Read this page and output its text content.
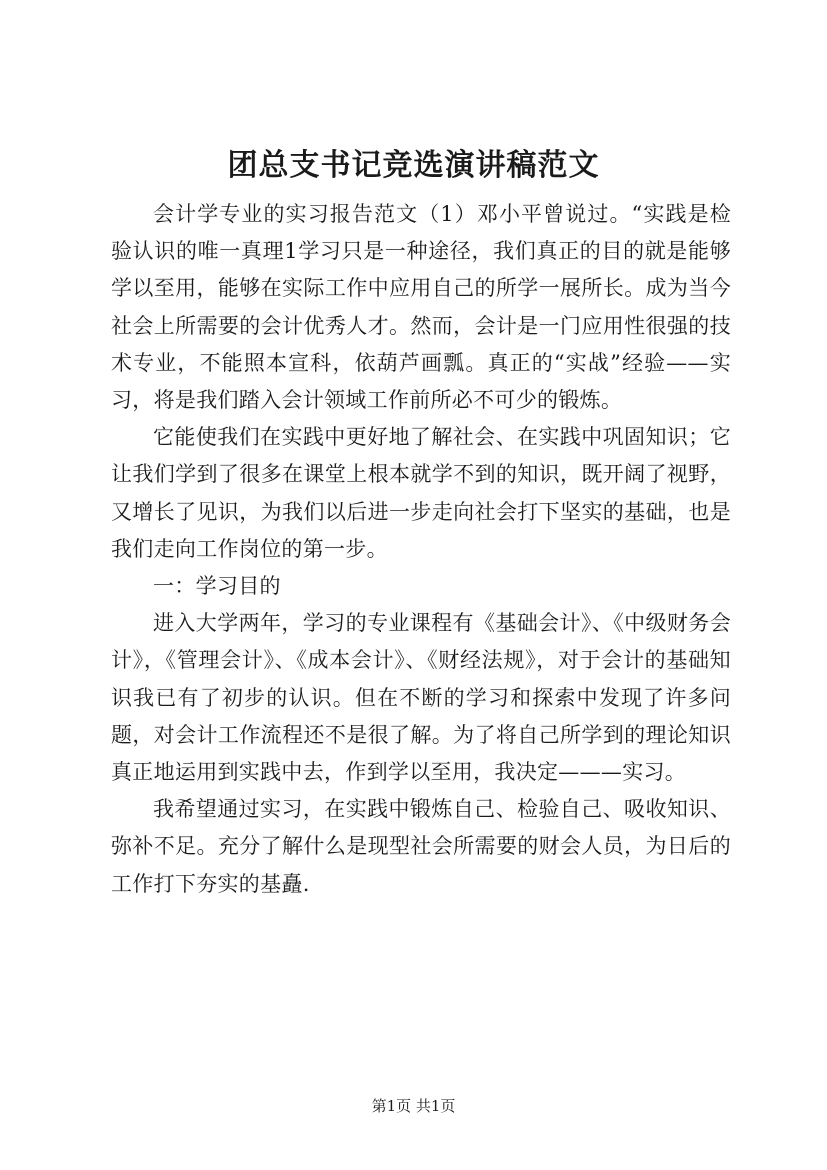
团总支书记竞选演讲稿范文

会计学专业的实习报告范文（1）邓小平曾说过。“实践是检验认识的唯一真理1学习只是一种途径，我们真正的目的就是能够学以至用，能够在实际工作中应用自己的所学一展所长。成为当今社会上所需要的会计优秀人才。然而，会计是一门应用性很强的技术专业，不能照本宣科，依葫芦画瓢。真正的“实战”经验——实习，将是我们踏入会计领域工作前所必不可少的锻炼。

它能使我们在实践中更好地了解社会、在实践中巩固知识；它让我们学到了很多在课堂上根本就学不到的知识，既开阔了视野，又增长了见识，为我们以后进一步走向社会打下坚实的基础，也是我们走向工作岗位的第一步。

一：学习目的

进入大学两年，学习的专业课程有《基础会计》、《中级财务会计》，《管理会计》、《成本会计》、《财经法规》，对于会计的基础知识我已有了初步的认识。但在不断的学习和探索中发现了许多问题，对会计工作流程还不是很了解。为了将自己所学到的理论知识真正地运用到实践中去，作到学以至用，我决定———实习。

我希望通过实习，在实践中锻炼自己、检验自己、吸收知识、弥补不足。充分了解什么是现型社会所需要的财会人员，为日后的工作打下夯实的基矗.

第1页 共1页
